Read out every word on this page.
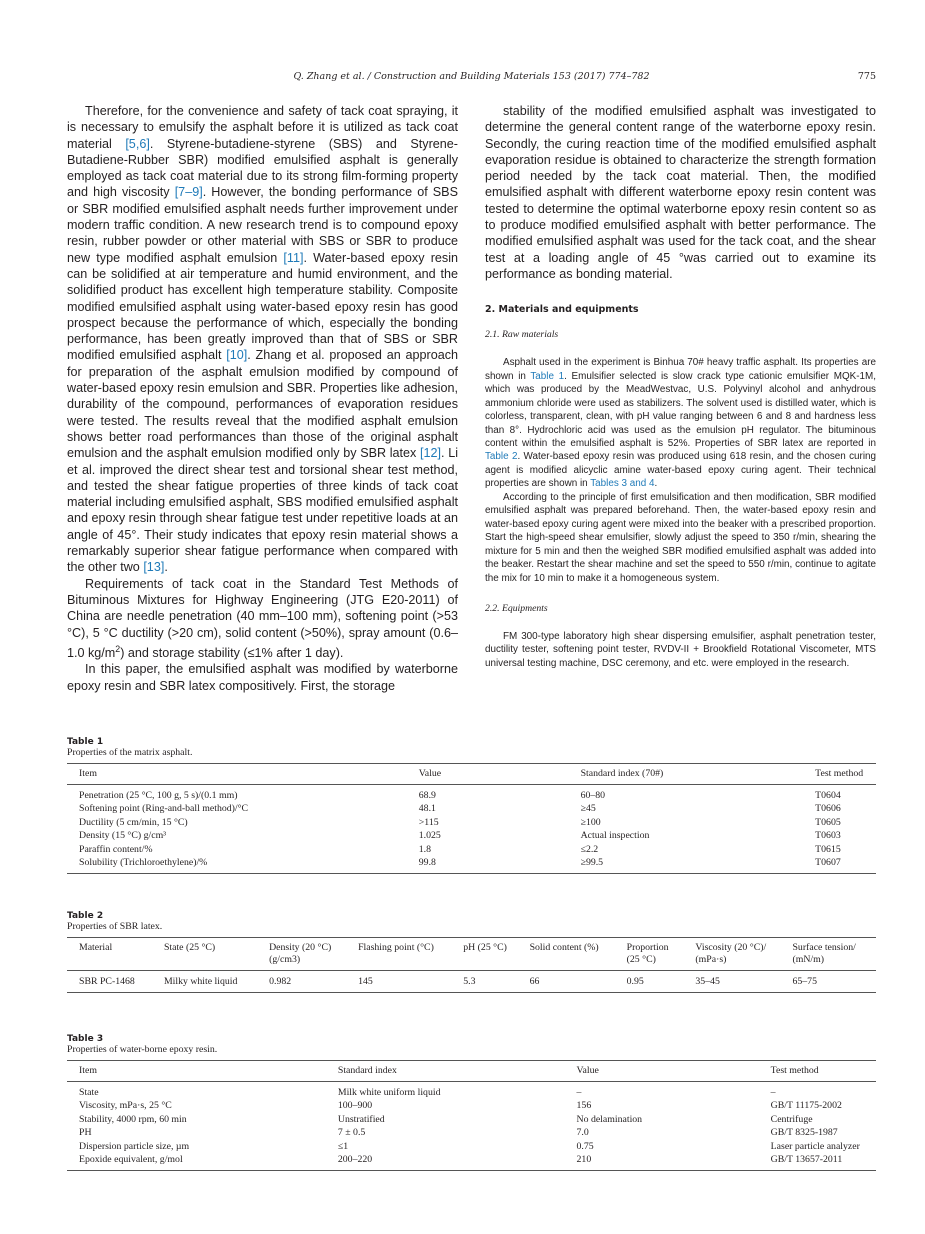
Q. Zhang et al. / Construction and Building Materials 153 (2017) 774–782	775

Therefore, for the convenience and safety of tack coat spraying, it is necessary to emulsify the asphalt before it is utilized as tack coat material [5,6]. Styrene-butadiene-styrene (SBS) and Styrene-Butadiene-Rubber SBR) modified emulsified asphalt is generally employed as tack coat material due to its strong film-forming property and high viscosity [7–9]. However, the bonding performance of SBS or SBR modified emulsified asphalt needs further improvement under modern traffic condition. A new research trend is to compound epoxy resin, rubber powder or other material with SBS or SBR to produce new type modified asphalt emulsion [11]. Water-based epoxy resin can be solidified at air temperature and humid environment, and the solidified product has excellent high temperature stability. Composite modified emulsified asphalt using water-based epoxy resin has good prospect because the performance of which, especially the bonding performance, has been greatly improved than that of SBS or SBR modified emulsified asphalt [10]. Zhang et al. proposed an approach for preparation of the asphalt emulsion modified by compound of water-based epoxy resin emulsion and SBR. Properties like adhesion, durability of the compound, performances of evaporation residues were tested. The results reveal that the modified asphalt emulsion shows better road performances than those of the original asphalt emulsion and the asphalt emulsion modified only by SBR latex [12]. Li et al. improved the direct shear test and torsional shear test method, and tested the shear fatigue properties of three kinds of tack coat material including emulsified asphalt, SBS modified emulsified asphalt and epoxy resin through shear fatigue test under repetitive loads at an angle of 45°. Their study indicates that epoxy resin material shows a remarkably superior shear fatigue performance when compared with the other two [13].

Requirements of tack coat in the Standard Test Methods of Bituminous Mixtures for Highway Engineering (JTG E20-2011) of China are needle penetration (40 mm–100 mm), softening point (>53 °C), 5 °C ductility (>20 cm), solid content (>50%), spray amount (0.6–1.0 $kg/m^2$) and storage stability (≤1% after 1 day).

In this paper, the emulsified asphalt was modified by waterborne epoxy resin and SBR latex compositively. First, the storage

stability of the modified emulsified asphalt was investigated to determine the general content range of the waterborne epoxy resin. Secondly, the curing reaction time of the modified emulsified asphalt evaporation residue is obtained to characterize the strength formation period needed by the tack coat material. Then, the modified emulsified asphalt with different waterborne epoxy resin content was tested to determine the optimal waterborne epoxy resin content so as to produce modified emulsified asphalt with better performance. The modified emulsified asphalt was used for the tack coat, and the shear test at a loading angle of 45 °was carried out to examine its performance as bonding material.

2. Materials and equipments
2.1. Raw materials

Asphalt used in the experiment is Binhua 70# heavy traffic asphalt. Its properties are shown in Table 1. Emulsifier selected is slow crack type cationic emulsifier MQK-1M, which was produced by the MeadWestvac, U.S. Polyvinyl alcohol and anhydrous ammonium chloride were used as stabilizers. The solvent used is distilled water, which is colorless, transparent, clean, with pH value ranging between 6 and 8 and hardness less than 8°. Hydrochloric acid was used as the emulsion pH regulator. The bituminous content within the emulsified asphalt is 52%. Properties of SBR latex are reported in Table 2. Water-based epoxy resin was produced using 618 resin, and the chosen curing agent is modified alicyclic amine water-based epoxy curing agent. Their technical properties are shown in Tables 3 and 4.

According to the principle of first emulsification and then modification, SBR modified emulsified asphalt was prepared beforehand. Then, the water-based epoxy resin and water-based epoxy curing agent were mixed into the beaker with a prescribed proportion. Start the high-speed shear emulsifier, slowly adjust the speed to 350 r/min, shearing the mixture for 5 min and then the weighed SBR modified emulsified asphalt was added into the beaker. Restart the shear machine and set the speed to 550 r/min, continue to agitate the mix for 10 min to make it a homogeneous system.

2.2. Equipments

FM 300-type laboratory high shear dispersing emulsifier, asphalt penetration tester, ductility tester, softening point tester, RVDV-II + Brookfield Rotational Viscometer, MTS universal testing machine, DSC ceremony, and etc. were employed in the research.

Table 1
Properties of the matrix asphalt.
Item	Value	Standard index (70#)	Test method
Penetration (25 °C, 100 g, 5 s)/(0.1 mm)	68.9	60–80	T0604
Softening point (Ring-and-ball method)/°C	48.1	≥45	T0606
Ductility (5 cm/min, 15 °C)	>115	≥100	T0605
Density (15 °C) g/cm³	1.025	Actual inspection	T0603
Paraffin content/%	1.8	≤2.2	T0615
Solubility (Trichloroethylene)/%	99.8	≥99.5	T0607
Table 2
Properties of SBR latex.
Material	State (25 °C)	Density (20 °C) (g/cm3)	Flashing point (°C)	pH (25 °C)	Solid content (%)	Proportion (25 °C)	Viscosity (20 °C)/ (mPa·s)	Surface tension/ (mN/m)
SBR PC-1468	Milky white liquid	0.982	145	5.3	66	0.95	35–45	65–75
Table 3
Properties of water-borne epoxy resin.
Item	Standard index	Value	Test method
State	Milk white uniform liquid	–	–
Viscosity, mPa·s, 25 °C	100–900	156	GB/T 11175-2002
Stability, 4000 rpm, 60 min	Unstratified	No delamination	Centrifuge
PH	7 ± 0.5	7.0	GB/T 8325-1987
Dispersion particle size, µm	≤1	0.75	Laser particle analyzer
Epoxide equivalent, g/mol	200–220	210	GB/T 13657-2011
